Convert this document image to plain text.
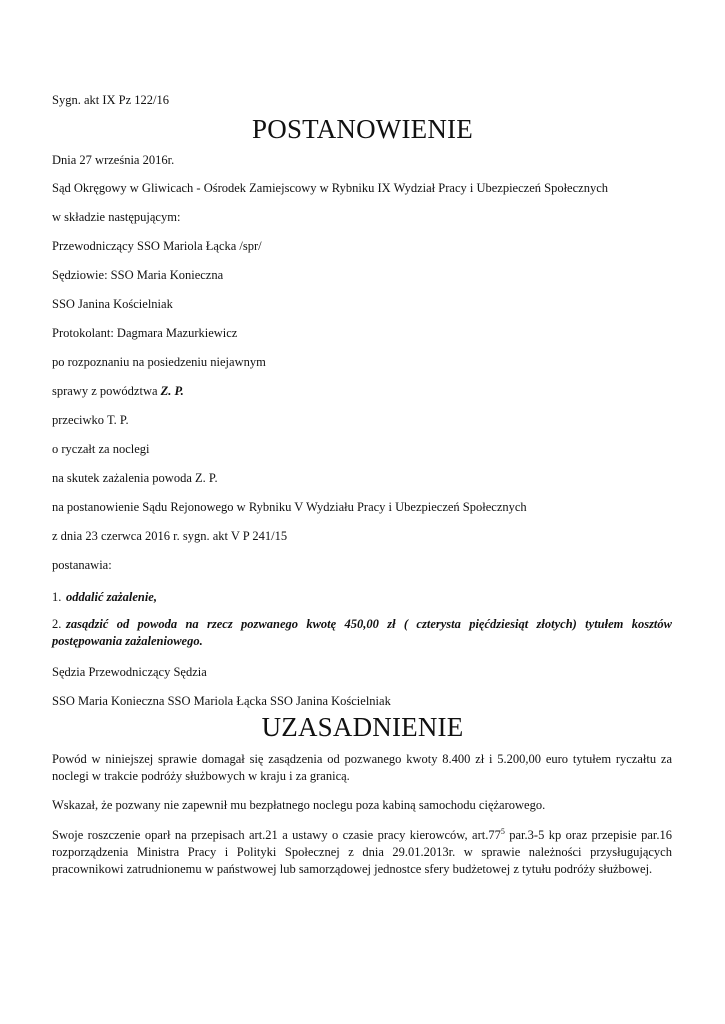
Sygn. akt IX Pz 122/16
POSTANOWIENIE
Dnia 27 września 2016r.
Sąd Okręgowy w Gliwicach - Ośrodek Zamiejscowy w Rybniku IX Wydział Pracy i Ubezpieczeń Społecznych
w składzie następującym:
Przewodniczący SSO Mariola Łącka /spr/
Sędziowie: SSO Maria Konieczna
SSO Janina Kościelniak
Protokolant: Dagmara Mazurkiewicz
po rozpoznaniu na posiedzeniu niejawnym
sprawy z powództwa Z. P.
przeciwko T. P.
o ryczałt za noclegi
na skutek zażalenia powoda Z. P.
na postanowienie Sądu Rejonowego w Rybniku V Wydziału Pracy i Ubezpieczeń Społecznych
z dnia 23 czerwca 2016 r. sygn. akt V P 241/15
postanawia:
1. oddalić zażalenie,
2. zasądzić od powoda na rzecz pozwanego kwotę 450,00 zł ( czterysta pięćdziesiąt złotych) tytułem kosztów postępowania zażaleniowego.
Sędzia Przewodniczący Sędzia
SSO Maria Konieczna SSO Mariola Łącka SSO Janina Kościelniak
UZASADNIENIE
Powód w niniejszej sprawie domagał się zasądzenia od pozwanego kwoty 8.400 zł i 5.200,00 euro tytułem ryczałtu za noclegi w trakcie podróży służbowych w kraju i za granicą.
Wskazał, że pozwany nie zapewnił mu bezpłatnego noclegu poza kabiną samochodu ciężarowego.
Swoje roszczenie oparł na przepisach art.21 a ustawy o czasie pracy kierowców, $art.77^5$ par.3-5 kp oraz przepisie par.16 rozporządzenia Ministra Pracy i Polityki Społecznej z dnia 29.01.2013r. w sprawie należności przysługujących pracownikowi zatrudnionemu w państwowej lub samorządowej jednostce sfery budżetowej z tytułu podróży służbowej.
